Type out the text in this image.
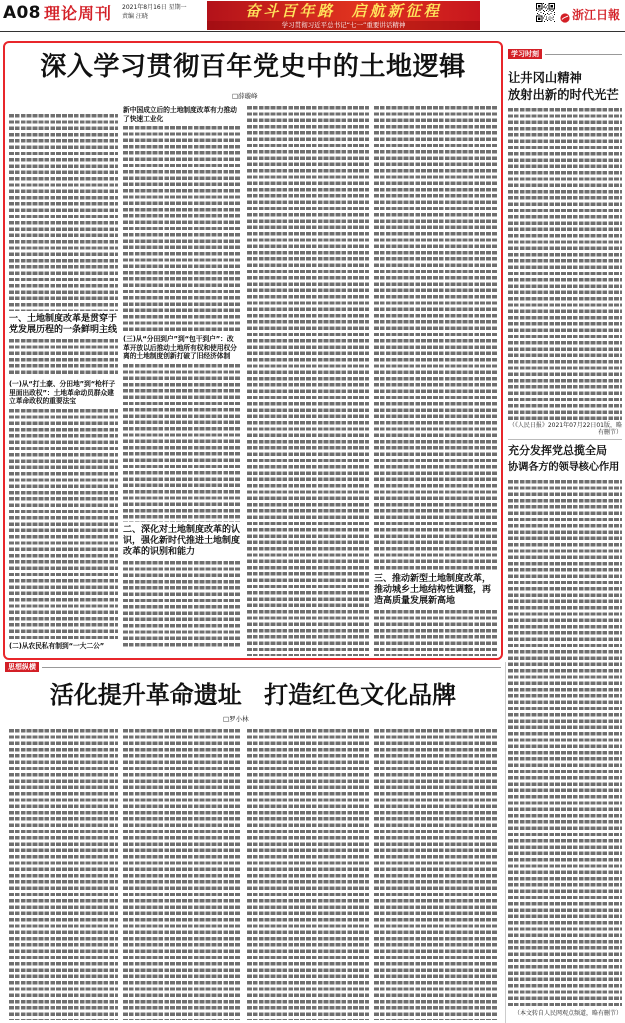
A08 理论周刊 2021年8月16日 星期一
责编 汪晓	奋斗百年路 启航新征程
学习贯彻习近平总书记“七一”重要讲话精神
浙江日報
深入学习贯彻百年党史中的土地逻辑
□薛璇峰
一、土地制度改革是贯穿于党发展历程的一条鲜明主线
(一)从“打土豪、分田地”到“枪杆子里面出政权”：土地革命动员群众建立革命政权的重要法宝
(二)从农民私有制到“一大二公”
新中国成立后的土地制度改革有力推动了快速工业化
(三)从“分田到户”到“包干到户”：改革开放以后推动土地所有权和使用权分离的土地制度创新打破了旧经济体制
二、深化对土地制度改革的认识，强化新时代推进土地制度改革的识别和能力
三、推动新型土地制度改革，推动城乡土地结构性调整，再造高质量发展新高地
学习时刻
让井冈山精神
放射出新的时代光芒
（《人民日报》2021年07月22日01版，略有删节）
充分发挥党总揽全局
协调各方的领导核心作用
（本文转自人民网观点频道，略有删节）
思想纵横
活化提升革命遗址 打造红色文化品牌
□罗小林
